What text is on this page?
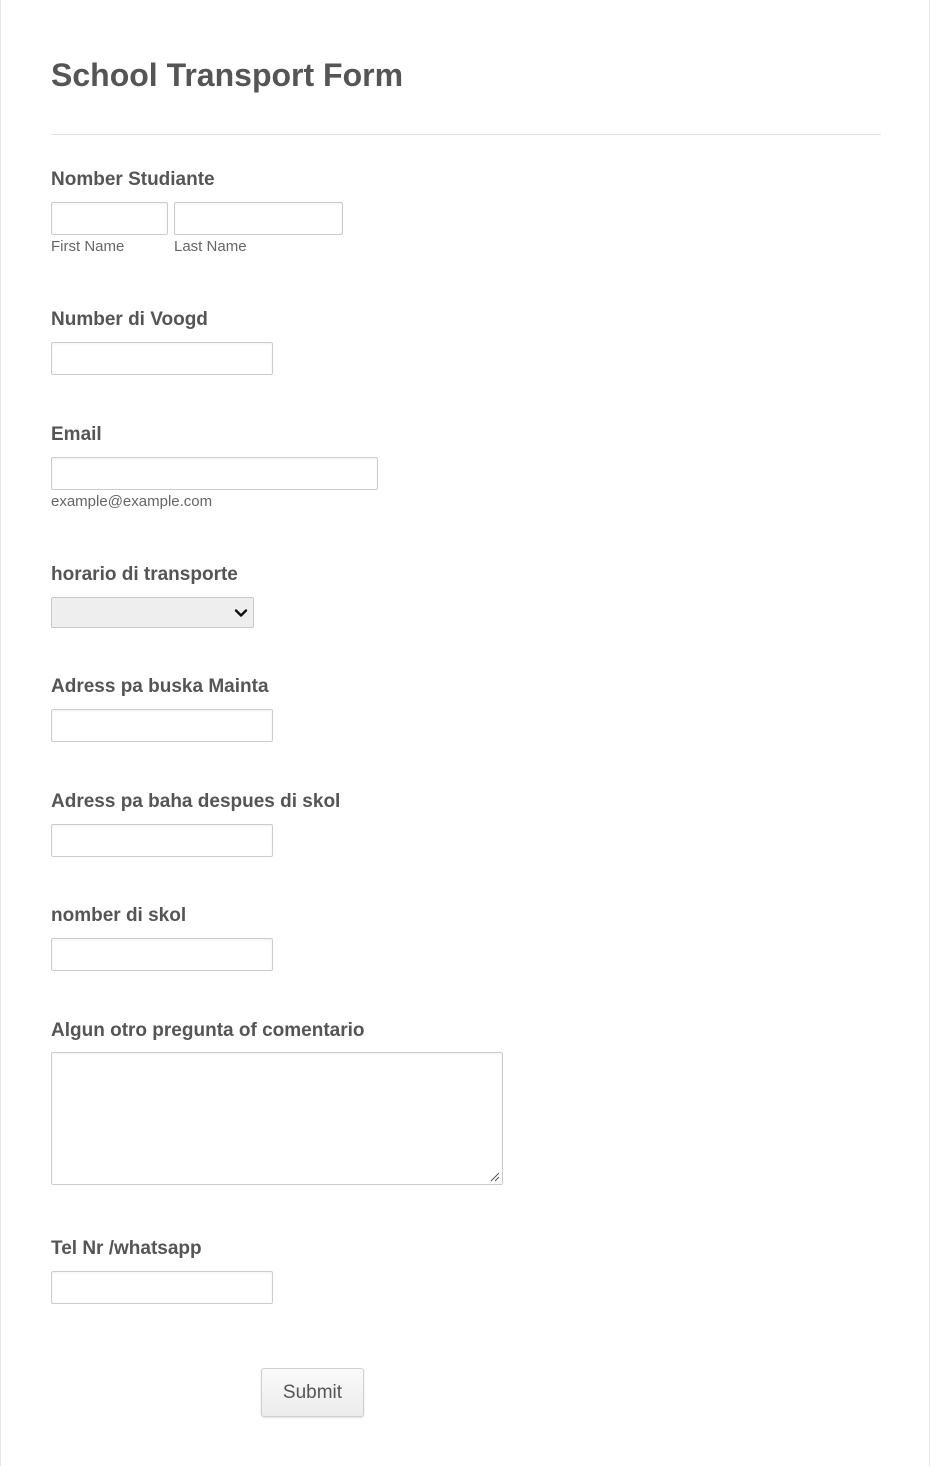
School Transport Form
Nomber Studiante
First Name	Last Name
Number di Voogd
Email
example@example.com
horario di transporte
Adress pa buska Mainta
Adress pa baha despues di skol
nomber di skol
Algun otro pregunta of comentario
Tel Nr /whatsapp
Submit
